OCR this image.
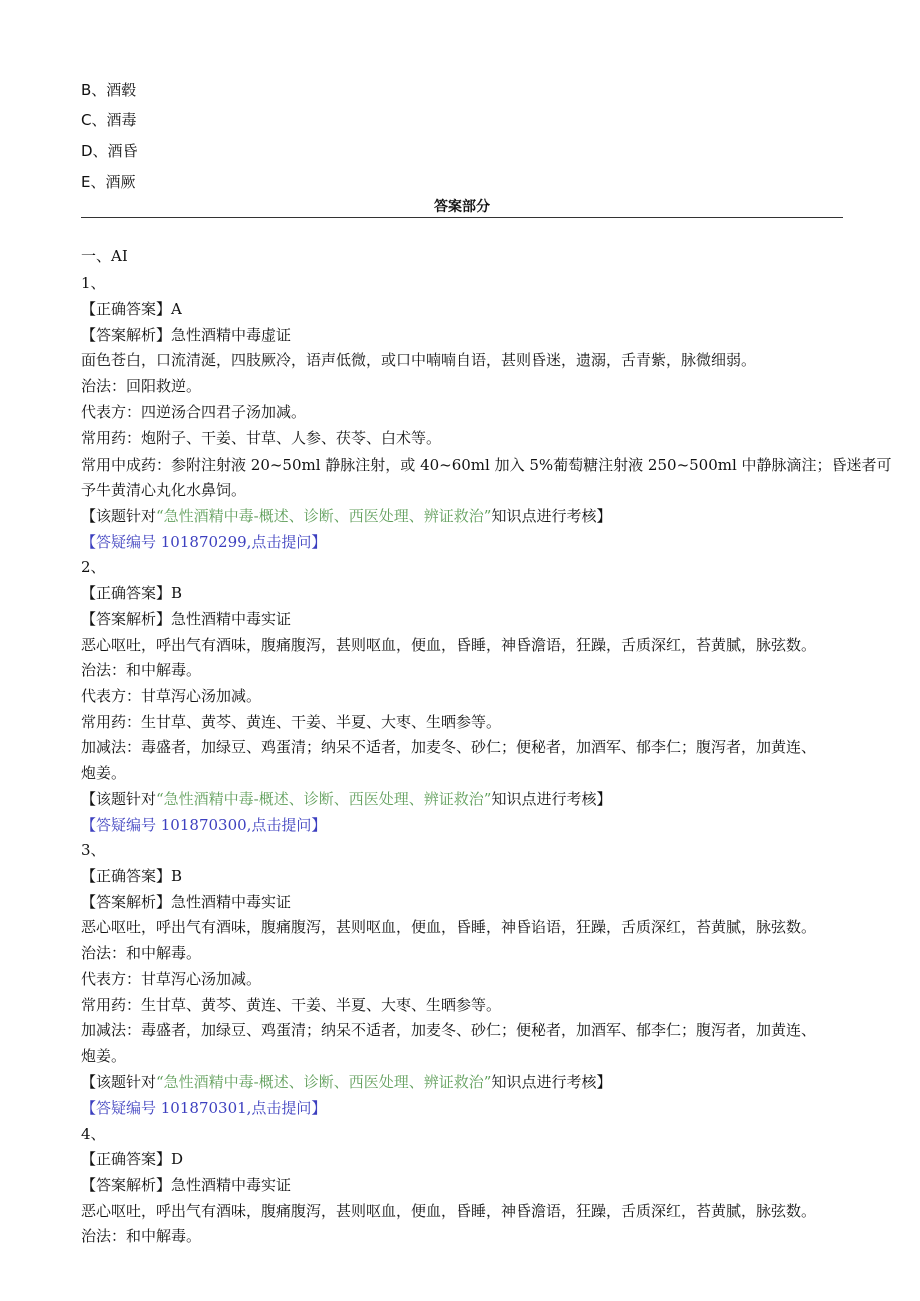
B、酒毂
C、酒毒
D、酒昏
E、酒厥
答案部分
一、AI
1、
【正确答案】A
【答案解析】急性酒精中毒虚证
面色苍白，口流清涎，四肢厥冷，语声低微，或口中喃喃自语，甚则昏迷，遗溺，舌青紫，脉微细弱。
治法：回阳救逆。
代表方：四逆汤合四君子汤加减。
常用药：炮附子、干姜、甘草、人参、茯苓、白术等。
常用中成药：参附注射液 20~50ml 静脉注射，或 40~60ml 加入 5%葡萄糖注射液 250~500ml 中静脉滴注；昏迷者可
予牛黄清心丸化水鼻饲。
【该题针对“急性酒精中毒-概述、诊断、西医处理、辨证救治”知识点进行考核】
【答疑编号 101870299,点击提问】
2、
【正确答案】B
【答案解析】急性酒精中毒实证
恶心呕吐，呼出气有酒味，腹痛腹泻，甚则呕血，便血，昏睡，神昏澹语，狂躁，舌质深红，苔黄腻，脉弦数。
治法：和中解毒。
代表方：甘草泻心汤加减。
常用药：生甘草、黄芩、黄连、干姜、半夏、大枣、生晒参等。
加减法：毒盛者，加绿豆、鸡蛋清；纳呆不适者，加麦冬、砂仁；便秘者，加酒军、郁李仁；腹泻者，加黄连、
炮姜。
【该题针对“急性酒精中毒-概述、诊断、西医处理、辨证救治”知识点进行考核】
【答疑编号 101870300,点击提问】
3、
【正确答案】B
【答案解析】急性酒精中毒实证
恶心呕吐，呼出气有酒味，腹痛腹泻，甚则呕血，便血，昏睡，神昏谄语，狂躁，舌质深红，苔黄腻，脉弦数。
治法：和中解毒。
代表方：甘草泻心汤加减。
常用药：生甘草、黄芩、黄连、干姜、半夏、大枣、生晒参等。
加减法：毒盛者，加绿豆、鸡蛋清；纳呆不适者，加麦冬、砂仁；便秘者，加酒军、郁李仁；腹泻者，加黄连、
炮姜。
【该题针对“急性酒精中毒-概述、诊断、西医处理、辨证救治”知识点进行考核】
【答疑编号 101870301,点击提问】
4、
【正确答案】D
【答案解析】急性酒精中毒实证
恶心呕吐，呼出气有酒味，腹痛腹泻，甚则呕血，便血，昏睡，神昏澹语，狂躁，舌质深红，苔黄腻，脉弦数。
治法：和中解毒。
